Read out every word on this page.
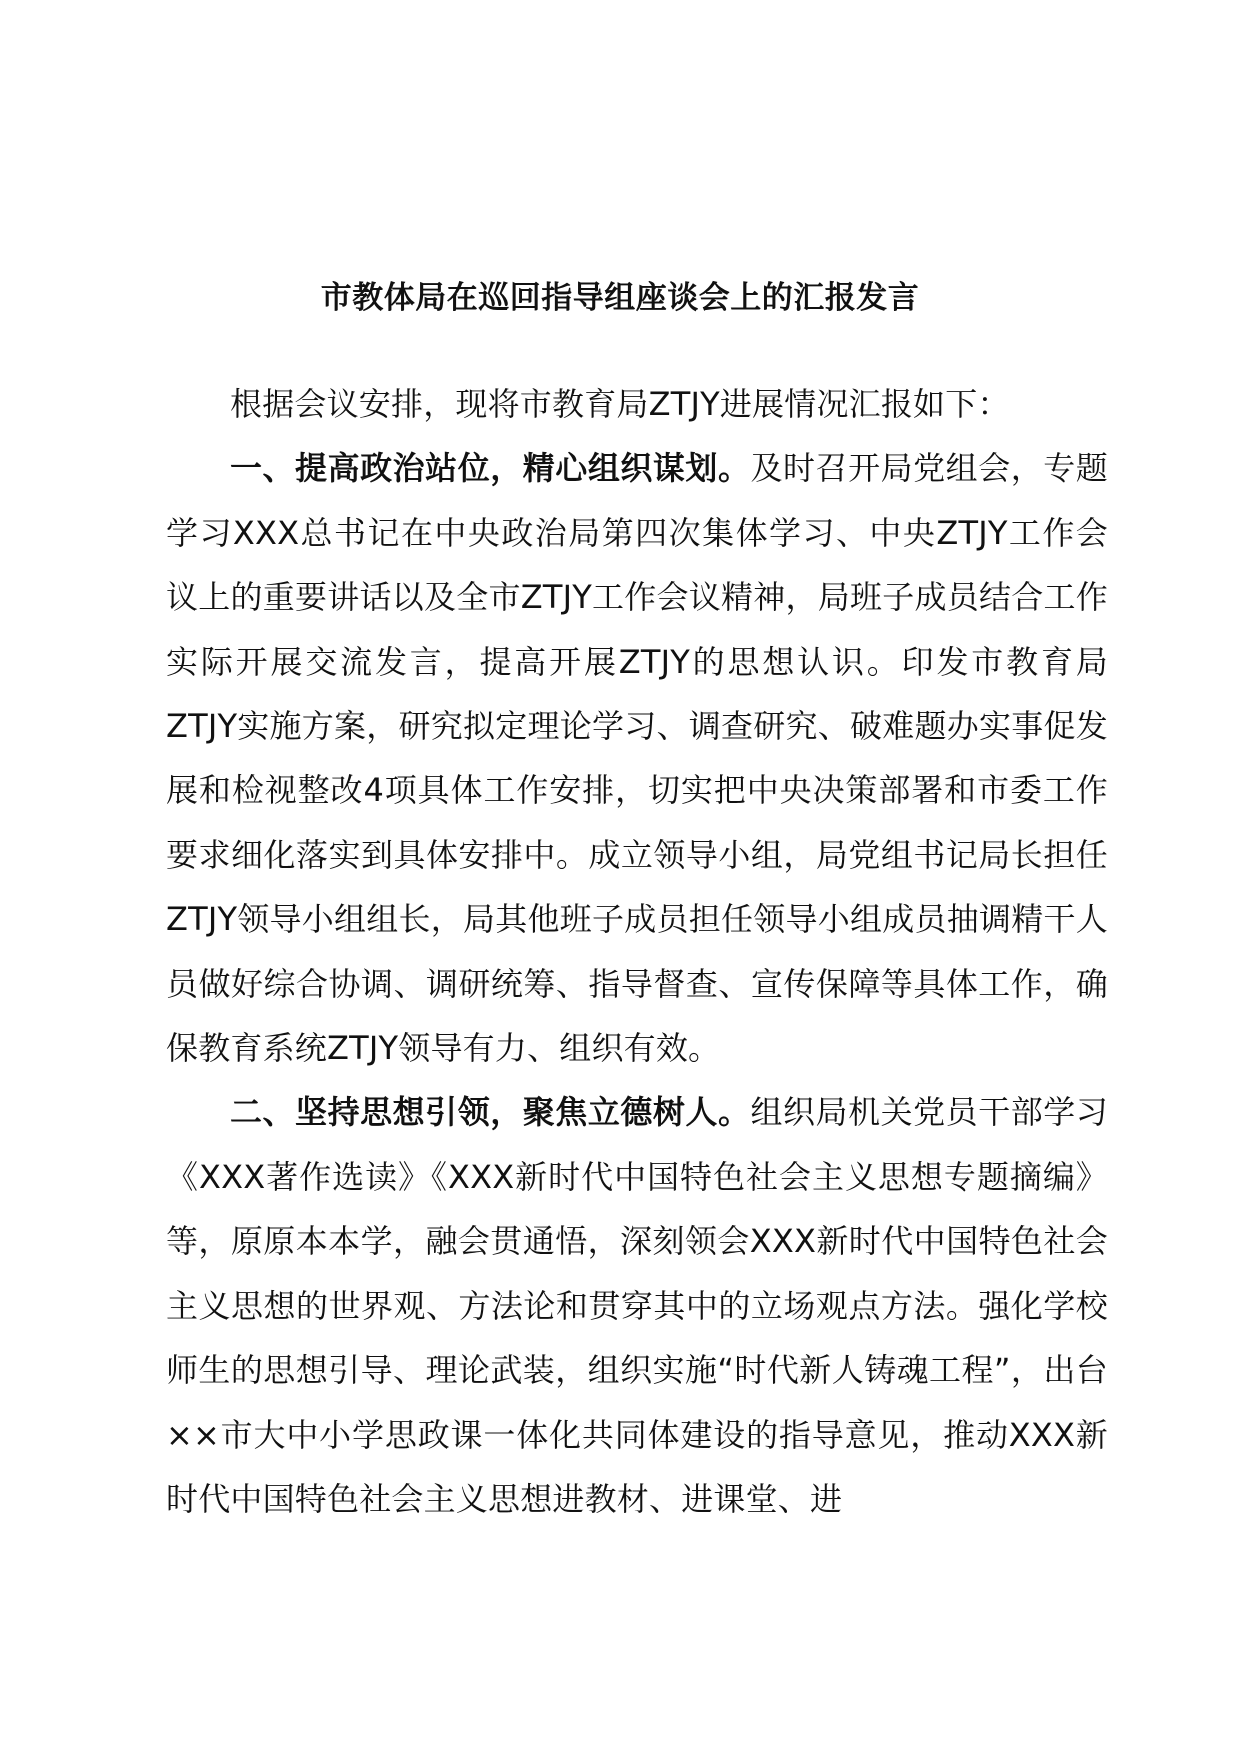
市教体局在巡回指导组座谈会上的汇报发言

根据会议安排，现将市教育局ZTJY进展情况汇报如下：

一、提高政治站位，精心组织谋划。及时召开局党组会，专题学习XXX总书记在中央政治局第四次集体学习、中央ZTJY工作会议上的重要讲话以及全市ZTJY工作会议精神，局班子成员结合工作实际开展交流发言，提高开展ZTJY的思想认识。印发市教育局ZTJY实施方案，研究拟定理论学习、调查研究、破难题办实事促发展和检视整改4项具体工作安排，切实把中央决策部署和市委工作要求细化落实到具体安排中。成立领导小组，局党组书记局长担任ZTJY领导小组组长，局其他班子成员担任领导小组成员抽调精干人员做好综合协调、调研统筹、指导督查、宣传保障等具体工作，确保教育系统ZTJY领导有力、组织有效。

二、坚持思想引领，聚焦立德树人。组织局机关党员干部学习《XXX著作选读》《XXX新时代中国特色社会主义思想专题摘编》等，原原本本学，融会贯通悟，深刻领会XXX新时代中国特色社会主义思想的世界观、方法论和贯穿其中的立场观点方法。强化学校师生的思想引导、理论武装，组织实施“时代新人铸魂工程”，出台××市大中小学思政课一体化共同体建设的指导意见，推动XXX新时代中国特色社会主义思想进教材、进课堂、进
